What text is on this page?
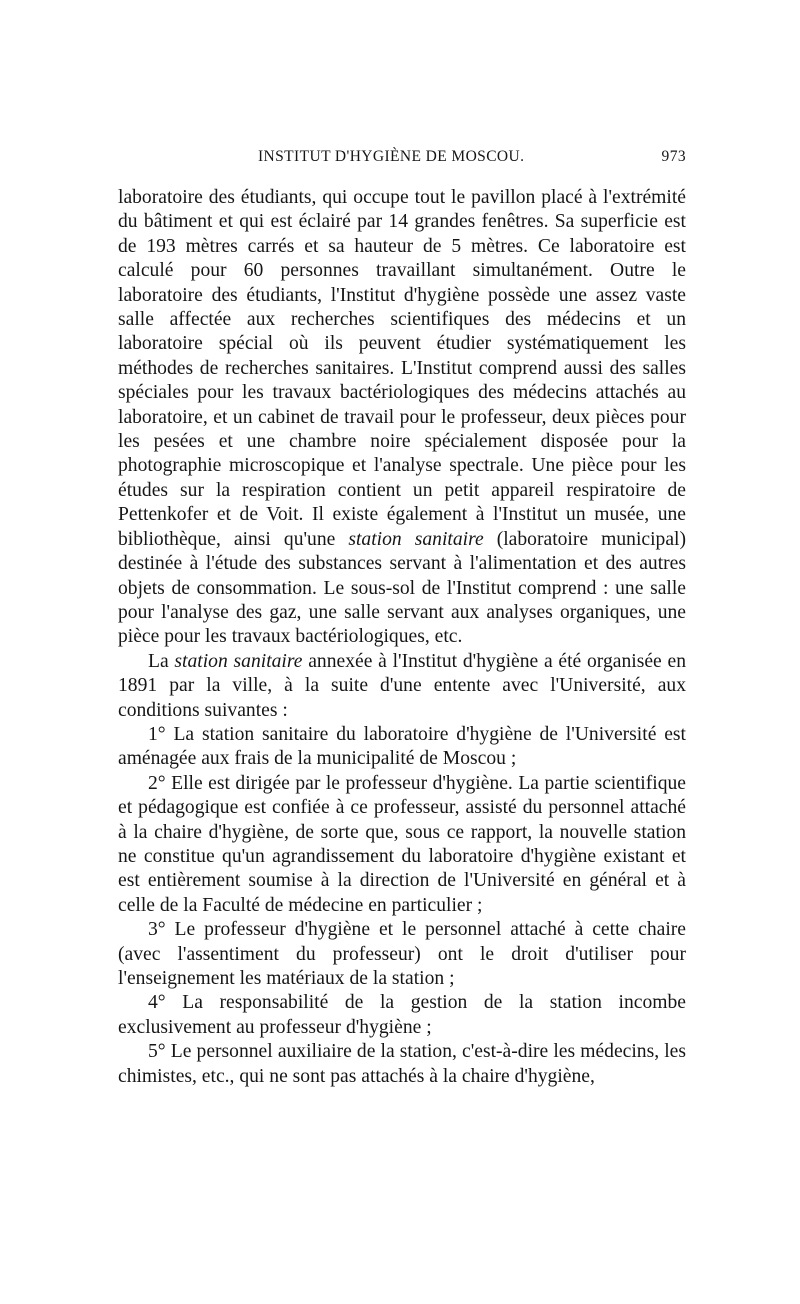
INSTITUT D'HYGIÈNE DE MOSCOU.	973

laboratoire des étudiants, qui occupe tout le pavillon placé à l'extrémité du bâtiment et qui est éclairé par 14 grandes fenêtres. Sa superficie est de 193 mètres carrés et sa hauteur de 5 mètres. Ce laboratoire est calculé pour 60 personnes travaillant simultanément. Outre le laboratoire des étudiants, l'Institut d'hygiène possède une assez vaste salle affectée aux recherches scientifiques des médecins et un laboratoire spécial où ils peuvent étudier systématiquement les méthodes de recherches sanitaires. L'Institut comprend aussi des salles spéciales pour les travaux bactériologiques des médecins attachés au laboratoire, et un cabinet de travail pour le professeur, deux pièces pour les pesées et une chambre noire spécialement disposée pour la photographie microscopique et l'analyse spectrale. Une pièce pour les études sur la respiration contient un petit appareil respiratoire de Pettenkofer et de Voit. Il existe également à l'Institut un musée, une bibliothèque, ainsi qu'une station sanitaire (laboratoire municipal) destinée à l'étude des substances servant à l'alimentation et des autres objets de consommation. Le sous-sol de l'Institut comprend : une salle pour l'analyse des gaz, une salle servant aux analyses organiques, une pièce pour les travaux bactériologiques, etc.

La station sanitaire annexée à l'Institut d'hygiène a été organisée en 1891 par la ville, à la suite d'une entente avec l'Université, aux conditions suivantes :

1° La station sanitaire du laboratoire d'hygiène de l'Université est aménagée aux frais de la municipalité de Moscou ;

2° Elle est dirigée par le professeur d'hygiène. La partie scientifique et pédagogique est confiée à ce professeur, assisté du personnel attaché à la chaire d'hygiène, de sorte que, sous ce rapport, la nouvelle station ne constitue qu'un agrandissement du laboratoire d'hygiène existant et est entièrement soumise à la direction de l'Université en général et à celle de la Faculté de médecine en particulier ;

3° Le professeur d'hygiène et le personnel attaché à cette chaire (avec l'assentiment du professeur) ont le droit d'utiliser pour l'enseignement les matériaux de la station ;

4° La responsabilité de la gestion de la station incombe exclusivement au professeur d'hygiène ;

5° Le personnel auxiliaire de la station, c'est-à-dire les médecins, les chimistes, etc., qui ne sont pas attachés à la chaire d'hygiène,
